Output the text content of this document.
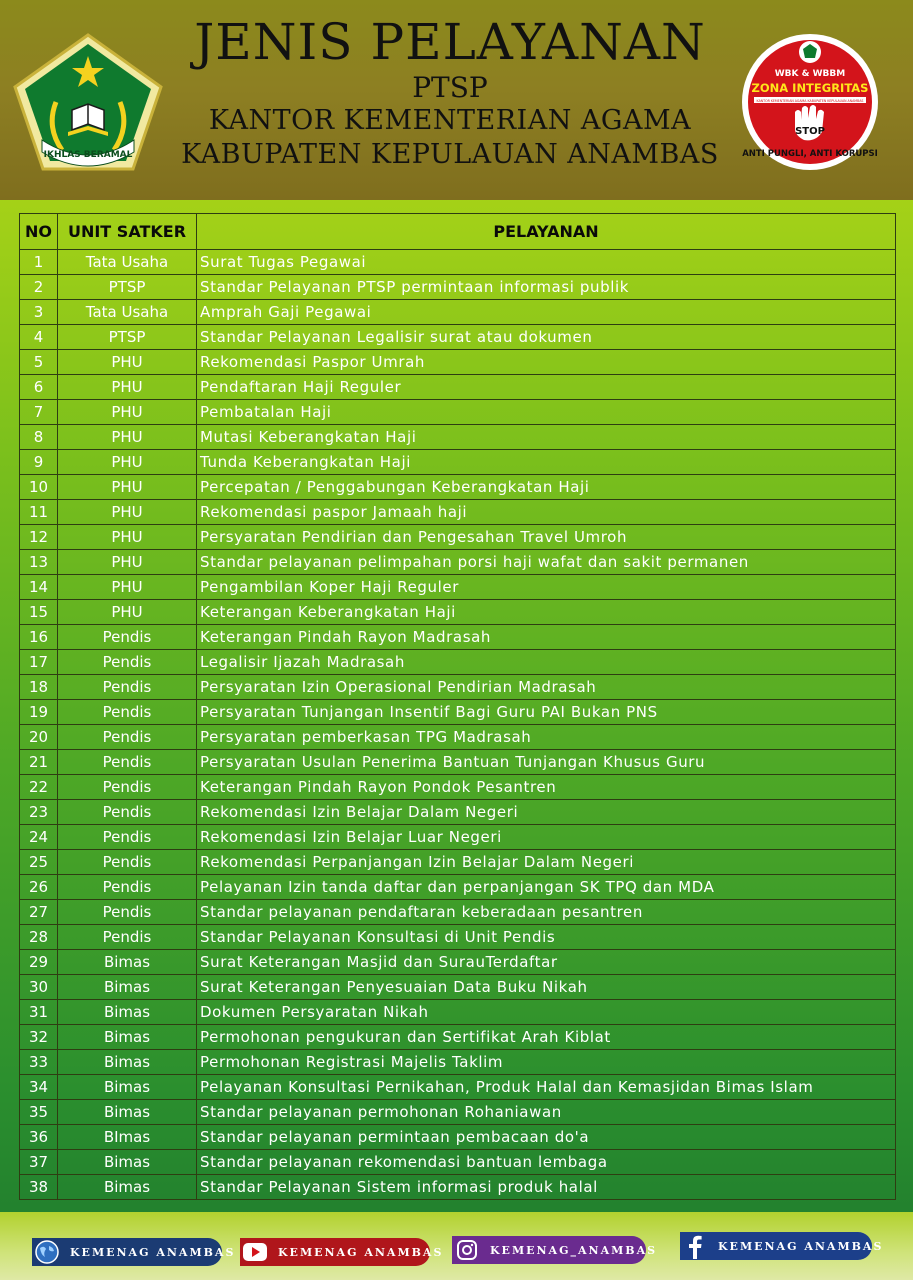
IKHLAS BERAMAL
JENIS PELAYANAN
PTSP
KANTOR KEMENTERIAN AGAMA
KABUPATEN KEPULAUAN ANAMBAS
WBK & WBBM
ZONA INTEGRITAS
KANTOR KEMENTERIAN AGAMA KABUPATEN KEPULAUAN ANAMBAS
STOP
ANTI PUNGLI, ANTI KORUPSI
NO	UNIT SATKER	PELAYANAN
1	Tata Usaha	Surat Tugas Pegawai
2	PTSP	Standar Pelayanan PTSP permintaan informasi publik
3	Tata Usaha	Amprah Gaji Pegawai
4	PTSP	Standar Pelayanan Legalisir surat atau dokumen
5	PHU	Rekomendasi Paspor Umrah
6	PHU	Pendaftaran Haji Reguler
7	PHU	Pembatalan Haji
8	PHU	Mutasi Keberangkatan Haji
9	PHU	Tunda Keberangkatan Haji
10	PHU	Percepatan / Penggabungan Keberangkatan Haji
11	PHU	Rekomendasi paspor Jamaah haji
12	PHU	Persyaratan Pendirian dan Pengesahan Travel Umroh
13	PHU	Standar pelayanan pelimpahan porsi haji wafat dan sakit permanen
14	PHU	Pengambilan Koper Haji Reguler
15	PHU	Keterangan Keberangkatan Haji
16	Pendis	Keterangan Pindah Rayon Madrasah
17	Pendis	Legalisir Ijazah Madrasah
18	Pendis	Persyaratan Izin Operasional Pendirian Madrasah
19	Pendis	Persyaratan Tunjangan Insentif Bagi Guru PAI Bukan PNS
20	Pendis	Persyaratan pemberkasan TPG Madrasah
21	Pendis	Persyaratan Usulan Penerima Bantuan Tunjangan Khusus Guru
22	Pendis	Keterangan Pindah Rayon Pondok Pesantren
23	Pendis	Rekomendasi Izin Belajar Dalam Negeri
24	Pendis	Rekomendasi Izin Belajar Luar Negeri
25	Pendis	Rekomendasi Perpanjangan Izin Belajar Dalam Negeri
26	Pendis	Pelayanan Izin tanda daftar dan perpanjangan SK TPQ dan MDA
27	Pendis	Standar pelayanan pendaftaran keberadaan pesantren
28	Pendis	Standar Pelayanan Konsultasi di Unit Pendis
29	Bimas	Surat Keterangan Masjid dan SurauTerdaftar
30	Bimas	Surat Keterangan Penyesuaian Data Buku Nikah
31	Bimas	Dokumen Persyaratan Nikah
32	Bimas	Permohonan pengukuran dan Sertifikat Arah Kiblat
33	Bimas	Permohonan Registrasi Majelis Taklim
34	Bimas	Pelayanan Konsultasi Pernikahan, Produk Halal dan Kemasjidan Bimas Islam
35	Bimas	Standar pelayanan permohonan Rohaniawan
36	BImas	Standar pelayanan permintaan pembacaan do'a
37	Bimas	Standar pelayanan rekomendasi bantuan lembaga
38	Bimas	Standar Pelayanan Sistem informasi produk halal
KEMENAG ANAMBAS	KEMENAG ANAMBAS	KEMENAG_ANAMBAS	KEMENAG ANAMBAS
